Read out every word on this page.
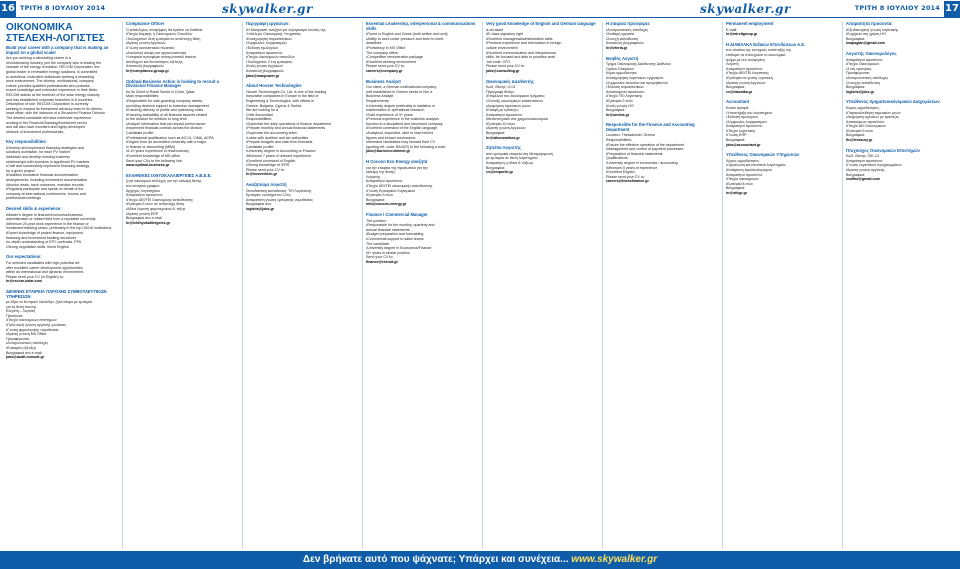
16 ΤΡΙΤΗ 8 ΙΟΥΛΙΟΥ 2014	skywalker.gr	skywalker.gr	ΤΡΙΤΗ 8 ΙΟΥΛΙΟΥ 2014 17
ΟΙΚΟΝΟΜΙΚΑ ΣΤΕΛΕΧΗ-ΛΟΓΙΣΤΕΣ
Build your career with a company that is making an impact on a global scale!
Are you seeking a stimulating career in a
revolutionizing industry, join the company who is leading the
crusade of the energy revolution. RECOM Corporation, the
global leader in renewable energy solutions, is committed
to ambitious, motivated individuals seeking a rewarding
work environment. The diverse, multinational, company
culture provides qualified professionals who possess
expert knowledge and extensive experience in their fields.
RECOM stands at the forefront of the solar energy industry
and has established corporate branches in 8 countries.
Description of role: RECOM Corporation is currently
seeking to expand its investment advisory team in its Athens
head office, with the inclusion of a Structured Finance Director.
The desired candidate will have extensive experience
working in the Financial Banking/Investment sector
and will also have excellent and highly-developed
network of investment professionals.
Key responsibilities:
•Develop and implement financing strategies and
solutions worldwide, for each PV market
•Maintain and develop existing business
relationships with investors in significant PV markets
•Craft and successfully implement financing strategy
for a given project
•Establish innovative financial documentation
arrangements, including investment documentation
•Monitor deals, track outcomes, maintain records
•Regularly participate and speak on behalf of the
company at international conferences, forums and
professional meetings
Desired skills & experience:
•Master's degree in finance/economics/business
administration or related field from a reputable university
•Minimum 20-year work experience in the finance or
investment banking sector, preferably in the top US/UK institutions
•Expert knowledge of project finance, equipment
financing and investment banking structures
•In-depth understanding of EPC contracts, PPA
•Strong negotiation skills, fluent English
Our expectations:
For selected candidates with high potential we
offer excellent career development opportunities
within an international and dynamic environment.
Please send your CV (in English) to:
hr@recom-solar.com
ΔΙΕΘΝΗΣ ΕΤΑΙΡΕΙΑ ΠΑΡΟΧΗΣ ΣΥΜΒΟΥΛΕΥΤΙΚΩΝ ΥΠΗΡΕΣΙΩΝ
με έδρα το Κεντρικό Χαλάνδρι, ζητά άτομο με εμπειρία
για τη θέση του/της
Ελεγκτή – Λογιστή
Προσόντα:
•Πτυχίο οικονομικών επιστημών
•Πολύ καλή γνώση αγγλικής γλώσσας
•Γνώση φορολογικής νομοθεσίας
•Άριστη γνώση MS Office
Προσφέρονται:
•Ανταγωνιστικές αποδοχές
•Ευκαιρίες εξέλιξης
Βιογραφικά στο e-mail:
jobs@audit-consult.gr
Compliance Officer
Ο κατάλληλος υποψήφιος θα πρέπει να διαθέτει:
•Πτυχίο Νομικής ή Οικονομικών Σπουδών
•Τουλάχιστον 3ετή εμπειρία σε αντίστοιχη θέση
•Άριστη γνώση Αγγλικών
•Γνώση κανονιστικού πλαισίου
•Αναλυτική σκέψη και οργανωτικότητα
Η εταιρεία προσφέρει ανταγωνιστικό πακέτο
αποδοχών και δυνατότητες εξέλιξης.
Αποστολή βιογραφικών:
hr@compliance-group.gr
Optimal Business Action is looking to recruit a Divisional Finance Manager
for its Client in Retail Sector in Doha, Qatar
Main responsibilities:
•Responsible for sale-guarding company assets,
providing decision support to business management
•Ensuring delivery of profits and optimising costs
•Ensuring availability of all financial aspects related
to the division for medium to long term
•Analyze information that can impact performance
•Implement financial controls across the division
Candidate profile:
•Professional qualification such as ACCA, CIMA, ACPA
•Degree from an accredited university with a major
in finance or accounting (MBA)
•5-10 years experience in retail industry
•Excellent knowledge of MS office
Send your CVs to the following link:
www.optimal-business.gr
ΕΛΛΗΝΙΚΕΣ ΙΧΘΥΟΚΑΛΛΙΕΡΓΕΙΕΣ Α.Β.Ε.Ε.
ζητά οικονομικό στέλεχος για την κάλυψη θέσης
στο κεντρικό γραφείο
Αρχηγός Λογιστηρίου
Απαραίτητα προσόντα:
•Πτυχίο ΑΕΙ/ΤΕΙ Οικονομικής κατεύθυνσης
•Εμπειρία 5 ετών σε αντίστοιχη θέση
•Άδεια λογιστή φοροτεχνικού Α' τάξης
•Άριστη γνώση ERP
Βιογραφικά στο e-mail:
hr@ichthyokalliergeies.gr
Περιγραφή εργασιών:
•Η Manpower αναζητά για λογαριασμό πελάτη της
Υπάλληλο Οικονομικής Υπηρεσίας
•Καταχώρηση παραστατικών
•Συμφωνίες λογαριασμών
•Έκδοση τιμολογίων
Απαραίτητα προσόντα:
•Πτυχίο οικονομικών σπουδών
•Τουλάχιστον 2 έτη εμπειρίας
•Καλή γνώση Αγγλικών
Αποστολή βιογραφικών:
jobs@manpower.gr
About Hoover Technologies
Hoover Technologies Co. Ltd. is one of the leading
innovative companies in Europe in the field of
Engineering & Technologies, with offices in
Greece, Bulgaria, Cyprus & Serbia.
We are looking for a
Chief Accountant
Responsibilities:
•Supervise the daily operations of finance department
•Prepare monthly and annual financial statements
•Supervise the accounting team
•Liaise with auditors and tax authorities
•Prepare budgets and cash flow forecasts
Candidate profile:
•University degree in Accounting or Finance
•Minimum 7 years of relevant experience
•Excellent command of English
•Strong knowledge of IFRS
Please send your CV to:
hr@hoovertech.gr
Αναζητούμε Λογιστή
Σπουδαστική εκπαίδευση: ΤΕΙ Λογιστικής
Εμπειρία: τουλάχιστον 3 έτη
Απαραίτητη γνώση εμπορικής νομοθεσίας
Βιογραφικά στο:
logistis@jobs.gr
Essential Leadership, interpersonal & communications skills
•Fluent in English and Greek (both written and oral)
•Ability to work under pressure and keen to meet
deadlines
•Proficiency in MS Office
The company offers:
•Competitive remuneration package
•Excellent working environment
Please send your CV to:
careers@company.gr
Business Analyst
Our client, a German multinational company,
well established in Greece seeks to hire a
Business Analyst
Requirements:
•University degree preferably in statistics or
mathematics or operational research
•Solid experience of 3+ years
•Previous experience in the business analysis
function in a disciplined and structured company
•Excellent command of the English language
•Analytical, inquisitive, able to read behind
figures and extract conclusions
Interested candidates may forward their CV
(quoting ref. code: BA/ICR) to the following e-mail:
jobs@bariorecruitment.gr
Η Cocoon Eco Energy αναζητά
για την εταιρεία της προσωπικό για την
κάλυψη της θέσης:
Λογιστής
Απαραίτητα προσόντα:
•Πτυχίο ΑΕΙ/ΤΕΙ οικονομικής κατεύθυνσης
•Γνώση Εμπορικού Λογισμικού
•Εμπειρία 3 ετών
Βιογραφικά:
info@cocoon-energy.gr
Finance / Commercial Manager
The position:
•Responsible for the monthly, quarterly and
annual financial statements
•Budget preparation and forecasting
•Commercial support to sales teams
The candidate:
•University degree in Economics/Finance
•5+ years in similar position
Send your CV to:
finance@recruit.gr
Very good knowledge of English and German language
is an asset
•B' class signatory right
•Excellent managerial/administrative skills
•Previous experience and information in foreign
culture environment
•Excellent communication and interpersonal
skills, be focused and able to prioritise work
Job code: CFO
Please send your CV to:
jobs@consulting.gr
Οικονομικός Διευθυντής
Κωδ. Θέσης: Ο-01
Περιγραφή θέσης:
•Επιμέλεια του οικονομικού τμήματος
•Σύνταξη οικονομικών καταστάσεων
•Διαχείριση ταμειακών ροών
•Επαφή με τράπεζες
Απαραίτητα προσόντα:
•Μεταπτυχιακό στα χρηματοοικονομικά
•Εμπειρία 10 ετών
•Άριστη γνώση Αγγλικών
Βιογραφικά:
hr@oikonomikos.gr
Ζητείται Λογιστής
από εμπορική εταιρεία στη Μεταμόρφωση
με εμπειρία σε θέση λογιστηρίου
Απαραίτητη η άδεια Α' τάξεως
Βιογραφικά:
cv@emporiki.gr
Η εταιρεία προσφέρει:
•Ανταγωνιστικές αποδοχές
•Σταθερή εργασία
•Συνεχή εκπαίδευση
Αποστολή βιογραφικών:
hr@eteria.gr
Βοηθός Λογιστή
Τμήμα Οικονομικής Διεύθυνσης Διεθνούς
Ομίλου Εταιρειών
Κύρια αρμοδιότητα:
•Καταχώρηση λογιστικών εγγραφών
•Συμφωνίες πελατών και προμηθευτών
•Έκδοση παραστατικών
Απαιτούμενα προσόντα:
•Πτυχίο ΤΕΙ Λογιστικής
•Εμπειρία 2 ετών
•Καλή γνώση Η/Υ
Βιογραφικά:
hr@omilos.gr
Responsible for the Finance and Accounting Department
Location: Thessaloniki, Greece
Responsibilities:
•Ensure the effective operation of the department
•Management and control of payment processes
•Preparation of financial statements
Qualifications:
•University degree in economics / accounting
•Minimum 5 years of experience
•Excellent English
Please send your CV to:
careers@thessfinance.gr
Permanent employment
E-mail:
hr@mireligroup.gr
Η ΔΙΑΒΑΛΚΑ Ειδικών Επενδύσεων Α.Ε.
στο πλαίσιο της συνεχούς ανάπτυξής της
επιθυμεί να στελεχώσει το οικονομικό
τμήμα με νέο συνεργάτη
Λογιστή
Απαραίτητα προσόντα:
•Πτυχίο ΑΕΙ/ΤΕΙ Λογιστικής
•Εμπειρία σε γενική λογιστική
•Άριστη γνώση Αγγλικών
Βιογραφικά:
cv@diavalka.gr
Accountant
Ενιαίο προφίλ:
•Υποστήριξη του λογιστηρίου
•Έκδοση τιμολογίων
•Συμφωνίες λογαριασμών
Απαραίτητα προσόντα:
•Πτυχίο λογιστικής
•Γνώση ERP
Βιογραφικά:
jobs@accountant.gr
Υπεύθυνος Οικονομικών Υπηρεσιών
Κύριες αρμοδιότητες:
•Οργάνωση και εποπτεία λογιστηρίου
•Κατάρτιση προϋπολογισμού
Απαραίτητα προσόντα:
•Πτυχίο οικονομικών
•Εμπειρία 8 ετών
Βιογραφικά:
hr@oikyp.gr
Απαραίτητα προσόντα:
•Εξειδικευμένη γνώση λογιστικής
•Ευχέρεια στη χρήση Η/Υ
Βιογραφικά:
ksapagian@gmail.com
Λογιστής Οικονομολόγος
Απαραίτητα προσόντα:
•Πτυχίο Οικονομικών
•3 έτη εμπειρίας
Προσφέρονται:
•Ανταγωνιστικές αποδοχές
•Συνεχής εκπαίδευση
Βιογραφικά:
logistis@jobs.gr
Υπεύθυνος Χρηματοοικονομικών Διαχειρίσεων
Κύριες αρμοδιότητες:
•Παρακολούθηση ταμειακών ροών
•Διαχείριση σχέσεων με τράπεζες
Απαιτούμενα προσόντα:
•Πτυχίο ΑΕΙ Οικονομικών
•Εμπειρία 5 ετών
Βιογραφικά:
fin@treasury.gr
Πτυχιούχος Οικονομικών Επιστημών
Κωδ. Θέσης: ΟΙΚ-14
Απαραίτητα προσόντα:
•Γνώση λογιστικών προγραμμάτων
•Άριστη γνώση αγγλικής
Βιογραφικά:
ecofibe@gmail.com
Δεν βρήκατε αυτό που ψάχνατε; Υπάρχει και συνέχεια... www.skywalker.gr
